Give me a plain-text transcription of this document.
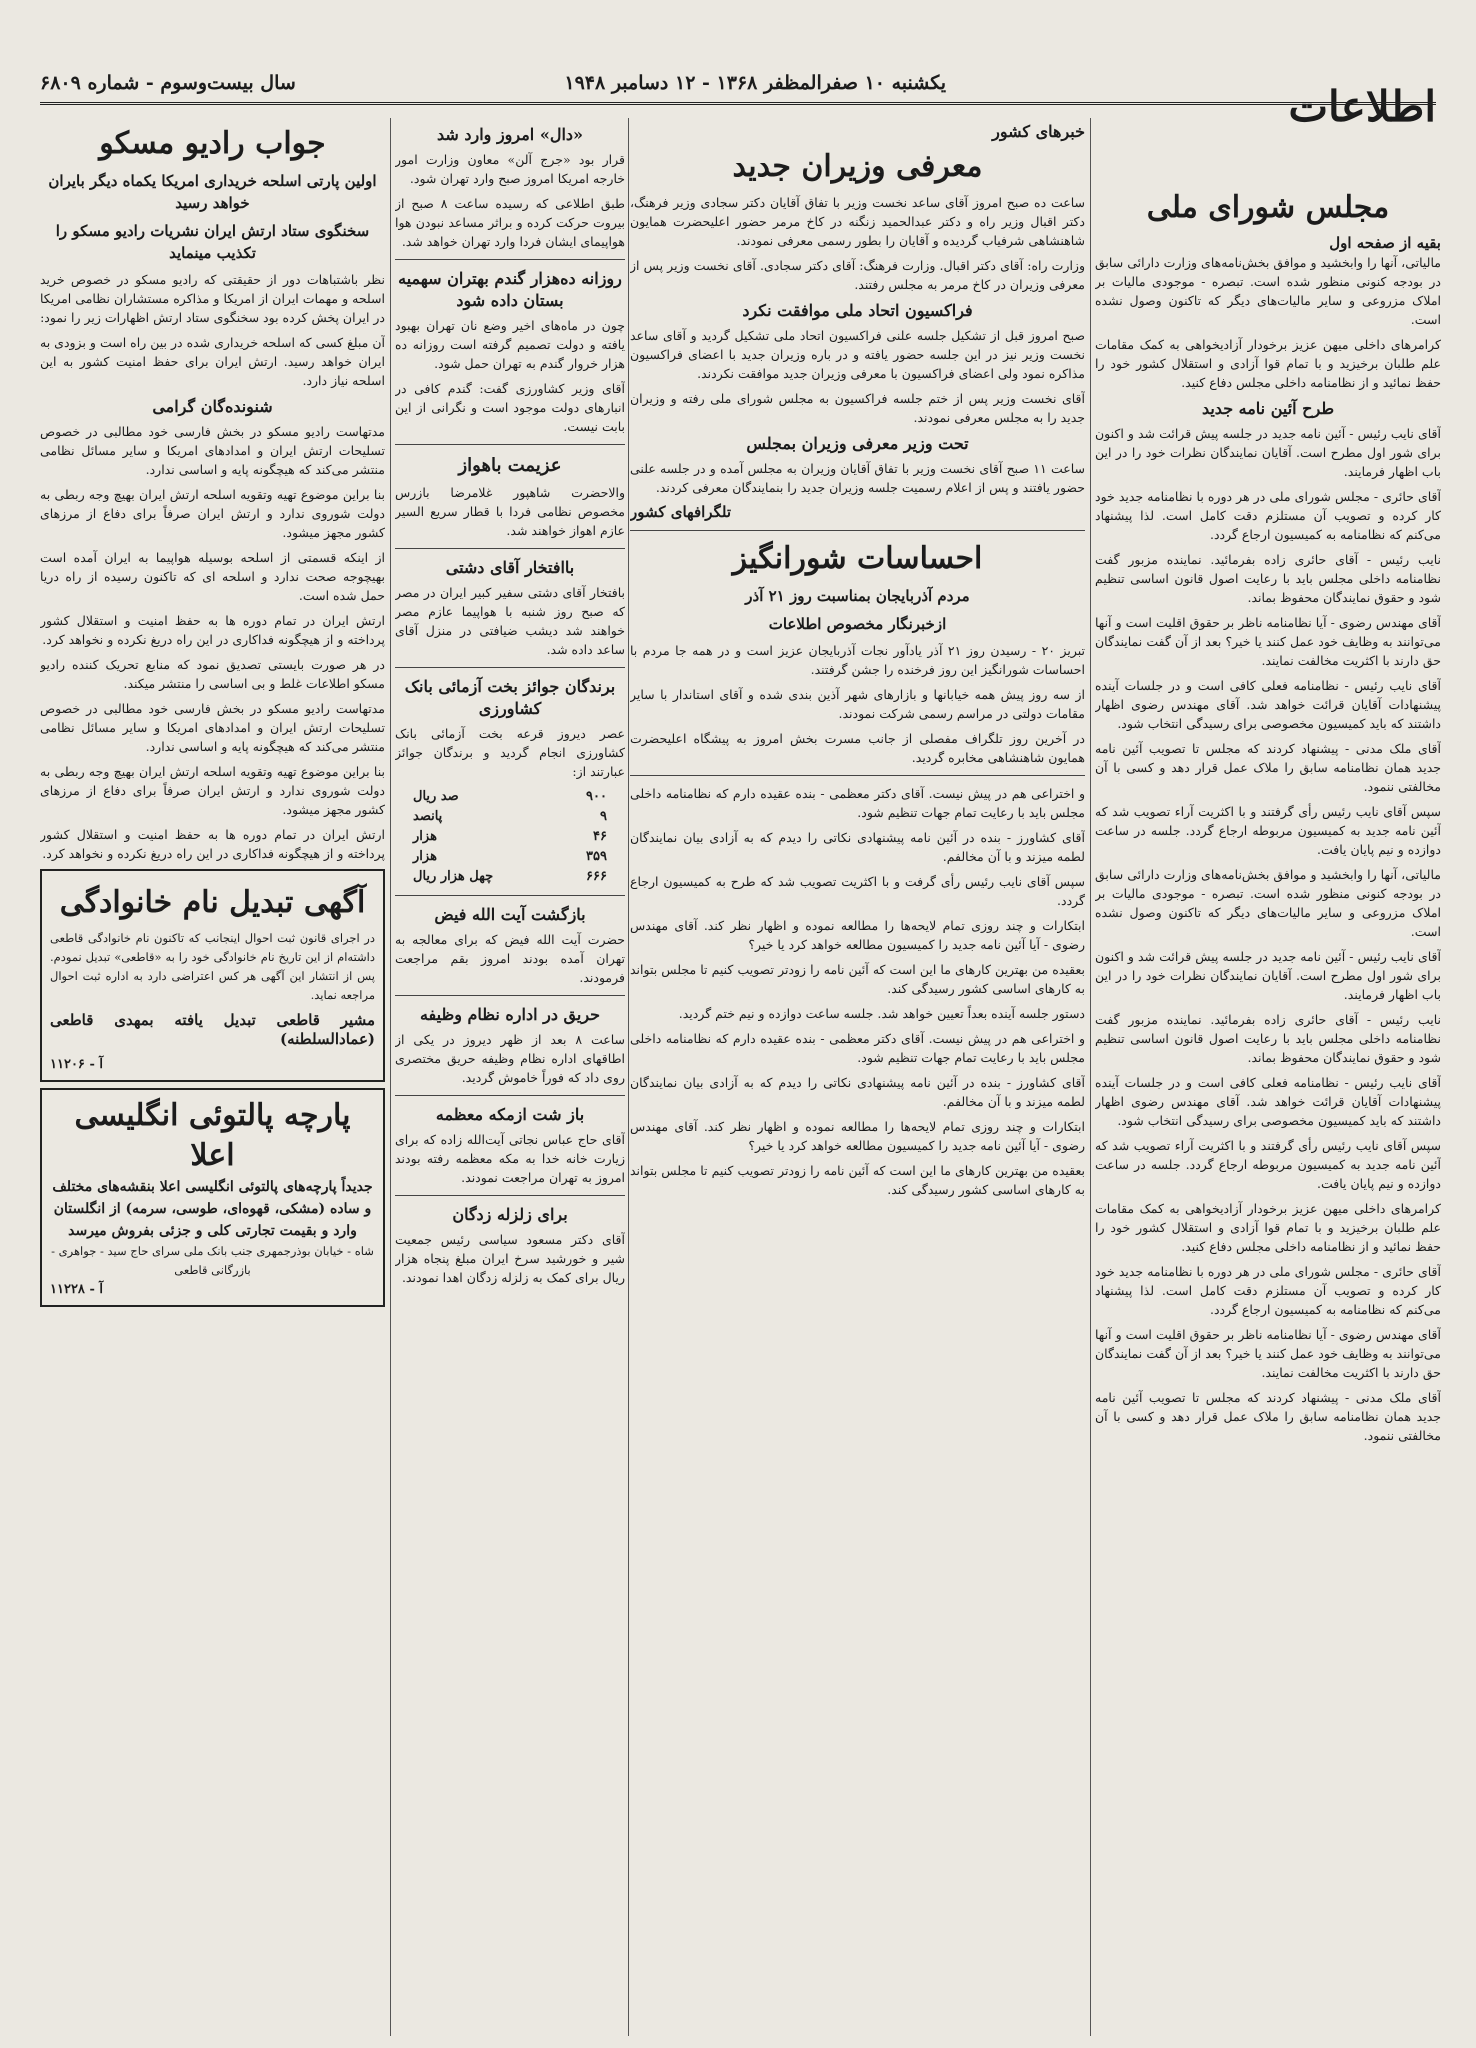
اطلاعات
یکشنبه ۱۰ صفرالمظفر ۱۳۶۸ - ۱۲ دسامبر ۱۹۴۸
سال بیست‌وسوم - شماره ۶۸۰۹
مجلس شورای ملی
بقیه از صفحه اول

مالیاتی، آنها را وابخشید و موافق بخش‌نامه‌های وزارت دارائی سابق در بودجه کنونی منظور شده است. تبصره - موجودی مالیات بر املاک مزروعی و سایر مالیات‌های دیگر که تاکنون وصول نشده است.

کرامرهای داخلی میهن عزیز برخودار آزادیخواهی به کمک مقامات علم طلبان برخیزید و با تمام قوا آزادی و استقلال کشور خود را حفظ نمائید و از نظامنامه داخلی مجلس دفاع کنید.

طرح آئین نامه جدید

آقای نایب رئیس - آئین نامه جدید در جلسه پیش قرائت شد و اکنون برای شور اول مطرح است. آقایان نمایندگان نظرات خود را در این باب اظهار فرمایند.

آقای حائری - مجلس شورای ملی در هر دوره با نظامنامه جدید خود کار کرده و تصویب آن مستلزم دقت کامل است. لذا پیشنهاد می‌کنم که نظامنامه به کمیسیون ارجاع گردد.

نایب رئیس - آقای حائری زاده بفرمائید. نماینده مزبور گفت نظامنامه داخلی مجلس باید با رعایت اصول قانون اساسی تنظیم شود و حقوق نمایندگان محفوظ بماند.

آقای مهندس رضوی - آیا نظامنامه ناظر بر حقوق اقلیت است و آنها می‌توانند به وظایف خود عمل کنند یا خیر؟ بعد از آن گفت نمایندگان حق دارند با اکثریت مخالفت نمایند.

آقای نایب رئیس - نظامنامه فعلی کافی است و در جلسات آینده پیشنهادات آقایان قرائت خواهد شد. آقای مهندس رضوی اظهار داشتند که باید کمیسیون مخصوصی برای رسیدگی انتخاب شود.

آقای ملک مدنی - پیشنهاد کردند که مجلس تا تصویب آئین نامه جدید همان نظامنامه سابق را ملاک عمل قرار دهد و کسی با آن مخالفتی ننمود.

سپس آقای نایب رئیس رأی گرفتند و با اکثریت آراء تصویب شد که آئین نامه جدید به کمیسیون مربوطه ارجاع گردد. جلسه در ساعت دوازده و نیم پایان یافت.

مالیاتی، آنها را وابخشید و موافق بخش‌نامه‌های وزارت دارائی سابق در بودجه کنونی منظور شده است. تبصره - موجودی مالیات بر املاک مزروعی و سایر مالیات‌های دیگر که تاکنون وصول نشده است.

آقای نایب رئیس - آئین نامه جدید در جلسه پیش قرائت شد و اکنون برای شور اول مطرح است. آقایان نمایندگان نظرات خود را در این باب اظهار فرمایند.

نایب رئیس - آقای حائری زاده بفرمائید. نماینده مزبور گفت نظامنامه داخلی مجلس باید با رعایت اصول قانون اساسی تنظیم شود و حقوق نمایندگان محفوظ بماند.

آقای نایب رئیس - نظامنامه فعلی کافی است و در جلسات آینده پیشنهادات آقایان قرائت خواهد شد. آقای مهندس رضوی اظهار داشتند که باید کمیسیون مخصوصی برای رسیدگی انتخاب شود.

سپس آقای نایب رئیس رأی گرفتند و با اکثریت آراء تصویب شد که آئین نامه جدید به کمیسیون مربوطه ارجاع گردد. جلسه در ساعت دوازده و نیم پایان یافت.

کرامرهای داخلی میهن عزیز برخودار آزادیخواهی به کمک مقامات علم طلبان برخیزید و با تمام قوا آزادی و استقلال کشور خود را حفظ نمائید و از نظامنامه داخلی مجلس دفاع کنید.

آقای حائری - مجلس شورای ملی در هر دوره با نظامنامه جدید خود کار کرده و تصویب آن مستلزم دقت کامل است. لذا پیشنهاد می‌کنم که نظامنامه به کمیسیون ارجاع گردد.

آقای مهندس رضوی - آیا نظامنامه ناظر بر حقوق اقلیت است و آنها می‌توانند به وظایف خود عمل کنند یا خیر؟ بعد از آن گفت نمایندگان حق دارند با اکثریت مخالفت نمایند.

آقای ملک مدنی - پیشنهاد کردند که مجلس تا تصویب آئین نامه جدید همان نظامنامه سابق را ملاک عمل قرار دهد و کسی با آن مخالفتی ننمود.

خبرهای کشور
معرفی وزیران جدید

ساعت ده صبح امروز آقای ساعد نخست وزیر با تفاق آقایان دکتر سجادی وزیر فرهنگ، دکتر اقبال وزیر راه و دکتر عبدالحمید زنگنه در کاخ مرمر حضور اعلیحضرت همایون شاهنشاهی شرفیاب گردیده و آقایان را بطور رسمی معرفی نمودند.

وزارت راه: آقای دکتر اقبال. وزارت فرهنگ: آقای دکتر سجادی. آقای نخست وزیر پس از معرفی وزیران در کاخ مرمر به مجلس رفتند.

فراکسیون اتحاد ملی موافقت نکرد

صبح امروز قبل از تشکیل جلسه علنی فراکسیون اتحاد ملی تشکیل گردید و آقای ساعد نخست وزیر نیز در این جلسه حضور یافته و در باره وزیران جدید با اعضای فراکسیون مذاکره نمود ولی اعضای فراکسیون با معرفی وزیران جدید موافقت نکردند.

آقای نخست وزیر پس از ختم جلسه فراکسیون به مجلس شورای ملی رفته و وزیران جدید را به مجلس معرفی نمودند.

تحت وزیر معرفی وزیران بمجلس

ساعت ۱۱ صبح آقای نخست وزیر با تفاق آقایان وزیران به مجلس آمده و در جلسه علنی حضور یافتند و پس از اعلام رسمیت جلسه وزیران جدید را بنمایندگان معرفی کردند.

تلگرافهای کشور
احساسات شورانگیز
مردم آذربایجان بمناسبت روز ۲۱ آذر
ازخبرنگار مخصوص اطلاعات

تبریز ۲۰ - رسیدن روز ۲۱ آذر یادآور نجات آذربایجان عزیز است و در همه جا مردم با احساسات شورانگیز این روز فرخنده را جشن گرفتند.

از سه روز پیش همه خیابانها و بازارهای شهر آذین بندی شده و آقای استاندار با سایر مقامات دولتی در مراسم رسمی شرکت نمودند.

در آخرین روز تلگراف مفصلی از جانب مسرت بخش امروز به پیشگاه اعلیحضرت همایون شاهنشاهی مخابره گردید.

و اختراعی هم در پیش نیست. آقای دکتر معظمی - بنده عقیده دارم که نظامنامه داخلی مجلس باید با رعایت تمام جهات تنظیم شود.

آقای کشاورز - بنده در آئین نامه پیشنهادی نکاتی را دیدم که به آزادی بیان نمایندگان لطمه میزند و با آن مخالفم.

سپس آقای نایب رئیس رأی گرفت و با اکثریت تصویب شد که طرح به کمیسیون ارجاع گردد.

ابتکارات و چند روزی تمام لایحه‌ها را مطالعه نموده و اظهار نظر کند. آقای مهندس رضوی - آیا آئین نامه جدید را کمیسیون مطالعه خواهد کرد یا خیر؟

بعقیده من بهترین کارهای ما این است که آئین نامه را زودتر تصویب کنیم تا مجلس بتواند به کارهای اساسی کشور رسیدگی کند.

دستور جلسه آینده بعداً تعیین خواهد شد. جلسه ساعت دوازده و نیم ختم گردید.

و اختراعی هم در پیش نیست. آقای دکتر معظمی - بنده عقیده دارم که نظامنامه داخلی مجلس باید با رعایت تمام جهات تنظیم شود.

آقای کشاورز - بنده در آئین نامه پیشنهادی نکاتی را دیدم که به آزادی بیان نمایندگان لطمه میزند و با آن مخالفم.

ابتکارات و چند روزی تمام لایحه‌ها را مطالعه نموده و اظهار نظر کند. آقای مهندس رضوی - آیا آئین نامه جدید را کمیسیون مطالعه خواهد کرد یا خیر؟

بعقیده من بهترین کارهای ما این است که آئین نامه را زودتر تصویب کنیم تا مجلس بتواند به کارهای اساسی کشور رسیدگی کند.

«دال» امروز وارد شد

قرار بود «جرج آلن» معاون وزارت امور خارجه امریکا امروز صبح وارد تهران شود.

طبق اطلاعی که رسیده ساعت ۸ صبح از بیروت حرکت کرده و براثر مساعد نبودن هوا هواپیمای ایشان فردا وارد تهران خواهد شد.

روزانه ده‌هزار گندم بهتران سهمیه بستان داده شود

چون در ماه‌های اخیر وضع نان تهران بهبود یافته و دولت تصمیم گرفته است روزانه ده هزار خروار گندم به تهران حمل شود.

آقای وزیر کشاورزی گفت: گندم کافی در انبارهای دولت موجود است و نگرانی از این بابت نیست.

عزیمت باهواز

والاحضرت شاهپور غلامرضا بازرس مخصوص نظامی فردا با قطار سریع السیر عازم اهواز خواهند شد.

باافتخار آقای دشتی

بافتخار آقای دشتی سفیر کبیر ایران در مصر که صبح روز شنبه با هواپیما عازم مصر خواهند شد دیشب ضیافتی در منزل آقای ساعد داده شد.

برندگان جوائز بخت آزمائی بانک کشاورزی

عصر دیروز قرعه بخت آزمائی بانک کشاورزی انجام گردید و برندگان جوائز عبارتند از:

۹۰۰
صد ریال
۹
پانصد
۴۶
هزار
۳۵۹
هزار
۶۶۶
چهل هزار ریال
بازگشت آیت الله فیض

حضرت آیت الله فیض که برای معالجه به تهران آمده بودند امروز بقم مراجعت فرمودند.

حریق در اداره نظام وظیفه

ساعت ۸ بعد از ظهر دیروز در یکی از اطاقهای اداره نظام وظیفه حریق مختصری روی داد که فوراً خاموش گردید.

باز شت ازمکه معظمه

آقای حاج عباس نجاتی آیت‌الله زاده که برای زیارت خانه خدا به مکه معظمه رفته بودند امروز به تهران مراجعت نمودند.

برای زلزله زدگان

آقای دکتر مسعود سیاسی رئیس جمعیت شیر و خورشید سرخ ایران مبلغ پنجاه هزار ریال برای کمک به زلزله زدگان اهدا نمودند.

جواب رادیو مسکو
اولین پارتی اسلحه خریداری امریکا یکماه دیگر بایران خواهد رسید
سخنگوی ستاد ارتش ایران نشریات رادیو مسکو را تکذیب مینماید

نظر باشتباهات دور از حقیقتی که رادیو مسکو در خصوص خرید اسلحه و مهمات ایران از امریکا و مذاکره مستشاران نظامی امریکا در ایران پخش کرده بود سخنگوی ستاد ارتش اظهارات زیر را نمود:

آن مبلغ کسی که اسلحه خریداری شده در بین راه است و بزودی به ایران خواهد رسید. ارتش ایران برای حفظ امنیت کشور به این اسلحه نیاز دارد.

شنونده‌گان گرامی

مدتهاست رادیو مسکو در بخش فارسی خود مطالبی در خصوص تسلیحات ارتش ایران و امدادهای امریکا و سایر مسائل نظامی منتشر می‌کند که هیچگونه پایه و اساسی ندارد.

بنا براین موضوع تهیه وتقویه اسلحه ارتش ایران بهیچ وجه ربطی به دولت شوروی ندارد و ارتش ایران صرفاً برای دفاع از مرزهای کشور مجهز میشود.

از اینکه قسمتی از اسلحه بوسیله هواپیما به ایران آمده است بهیچوجه صحت ندارد و اسلحه ای که تاکنون رسیده از راه دریا حمل شده است.

ارتش ایران در تمام دوره ها به حفظ امنیت و استقلال کشور پرداخته و از هیچگونه فداکاری در این راه دریغ نکرده و نخواهد کرد.

در هر صورت بایستی تصدیق نمود که منابع تحریک کننده رادیو مسکو اطلاعات غلط و بی اساسی را منتشر میکند.

مدتهاست رادیو مسکو در بخش فارسی خود مطالبی در خصوص تسلیحات ارتش ایران و امدادهای امریکا و سایر مسائل نظامی منتشر می‌کند که هیچگونه پایه و اساسی ندارد.

بنا براین موضوع تهیه وتقویه اسلحه ارتش ایران بهیچ وجه ربطی به دولت شوروی ندارد و ارتش ایران صرفاً برای دفاع از مرزهای کشور مجهز میشود.

ارتش ایران در تمام دوره ها به حفظ امنیت و استقلال کشور پرداخته و از هیچگونه فداکاری در این راه دریغ نکرده و نخواهد کرد.

آگهی تبدیل نام خانوادگی

در اجرای قانون ثبت احوال اینجانب که تاکنون نام خانوادگی قاطعی داشته‌ام از این تاریخ نام خانوادگی خود را به «قاطعی» تبدیل نمودم. پس از انتشار این آگهی هر کس اعتراضی دارد به اداره ثبت احوال مراجعه نماید.

مشیر قاطعی تبدیل یافته بمهدی قاطعی (عمادالسلطنه)

آ - ۱۱۲۰۶
پارچه پالتوئی انگلیسی اعلا
جدیداً پارچه‌های پالتوئی انگلیسی اعلا بنقشه‌های مختلف و ساده (مشکی، قهوه‌ای، طوسی، سرمه) از انگلستان وارد و بقیمت تجارتی کلی و جزئی بفروش میرسد
شاه - خیابان بوذرجمهری جنب بانک ملی سرای حاج سید - جواهری - بازرگانی قاطعی
آ - ۱۱۲۲۸
